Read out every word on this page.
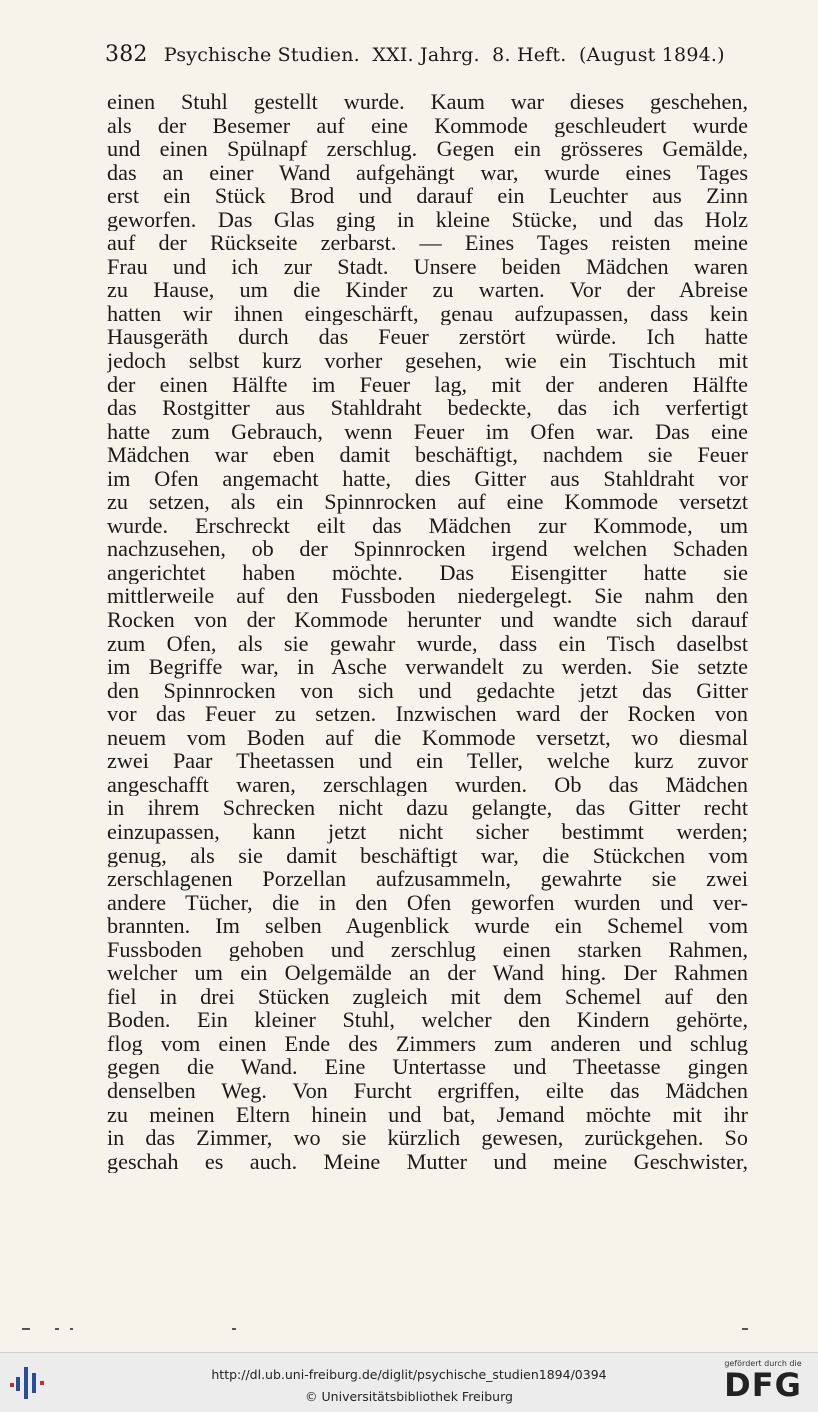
382 Psychische Studien.  XXI. Jahrg.  8. Heft.  (August 1894.)
einen Stuhl gestellt wurde. Kaum war dieses geschehen,
als der Besemer auf eine Kommode geschleudert wurde
und einen Spülnapf zerschlug. Gegen ein grösseres Gemälde,
das an einer Wand aufgehängt war, wurde eines Tages
erst ein Stück Brod und darauf ein Leuchter aus Zinn
geworfen. Das Glas ging in kleine Stücke, und das Holz
auf der Rückseite zerbarst. — Eines Tages reisten meine
Frau und ich zur Stadt. Unsere beiden Mädchen waren
zu Hause, um die Kinder zu warten. Vor der Abreise
hatten wir ihnen eingeschärft, genau aufzupassen, dass kein
Hausgeräth durch das Feuer zerstört würde. Ich hatte
jedoch selbst kurz vorher gesehen, wie ein Tischtuch mit
der einen Hälfte im Feuer lag, mit der anderen Hälfte
das Rostgitter aus Stahldraht bedeckte, das ich verfertigt
hatte zum Gebrauch, wenn Feuer im Ofen war. Das eine
Mädchen war eben damit beschäftigt, nachdem sie Feuer
im Ofen angemacht hatte, dies Gitter aus Stahldraht vor
zu setzen, als ein Spinnrocken auf eine Kommode versetzt
wurde. Erschreckt eilt das Mädchen zur Kommode, um
nachzusehen, ob der Spinnrocken irgend welchen Schaden
angerichtet haben möchte. Das Eisengitter hatte sie
mittlerweile auf den Fussboden niedergelegt. Sie nahm den
Rocken von der Kommode herunter und wandte sich darauf
zum Ofen, als sie gewahr wurde, dass ein Tisch daselbst
im Begriffe war, in Asche verwandelt zu werden. Sie setzte
den Spinnrocken von sich und gedachte jetzt das Gitter
vor das Feuer zu setzen. Inzwischen ward der Rocken von
neuem vom Boden auf die Kommode versetzt, wo diesmal
zwei Paar Theetassen und ein Teller, welche kurz zuvor
angeschafft waren, zerschlagen wurden. Ob das Mädchen
in ihrem Schrecken nicht dazu gelangte, das Gitter recht
einzupassen, kann jetzt nicht sicher bestimmt werden;
genug, als sie damit beschäftigt war, die Stückchen vom
zerschlagenen Porzellan aufzusammeln, gewahrte sie zwei
andere Tücher, die in den Ofen geworfen wurden und ver-
brannten. Im selben Augenblick wurde ein Schemel vom
Fussboden gehoben und zerschlug einen starken Rahmen,
welcher um ein Oelgemälde an der Wand hing. Der Rahmen
fiel in drei Stücken zugleich mit dem Schemel auf den
Boden. Ein kleiner Stuhl, welcher den Kindern gehörte,
flog vom einen Ende des Zimmers zum anderen und schlug
gegen die Wand. Eine Untertasse und Theetasse gingen
denselben Weg. Von Furcht ergriffen, eilte das Mädchen
zu meinen Eltern hinein und bat, Jemand möchte mit ihr
in das Zimmer, wo sie kürzlich gewesen, zurückgehen. So
geschah es auch. Meine Mutter und meine Geschwister,
http://dl.ub.uni-freiburg.de/diglit/psychische_studien1894/0394
© Universitätsbibliothek Freiburg
gefördert durch die
DFG
